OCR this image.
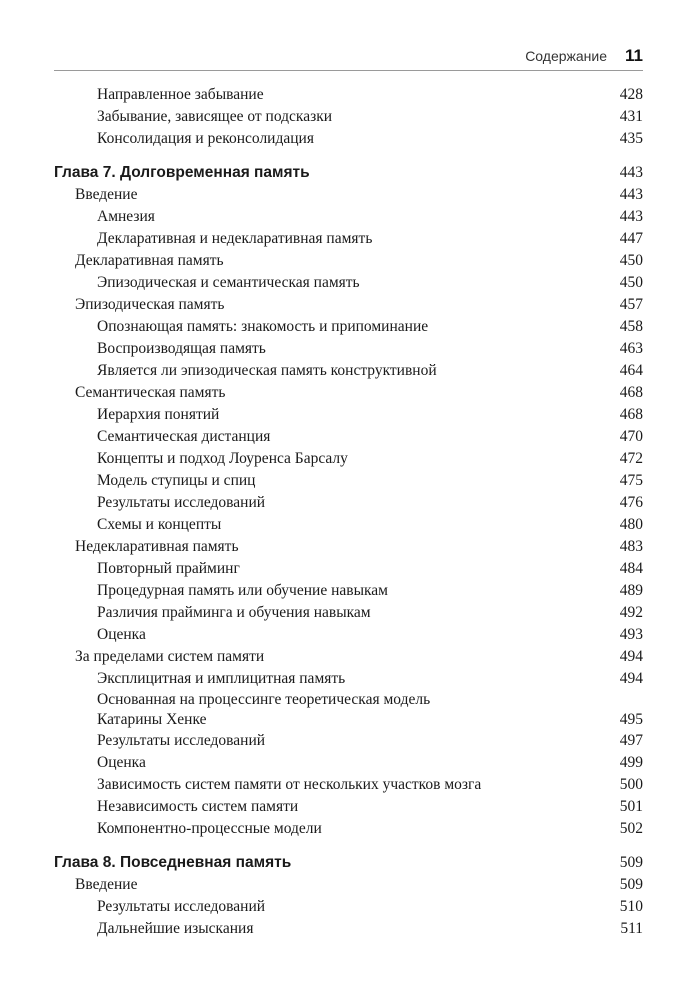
Содержание 11
Направленное забывание	428
Забывание, зависящее от подсказки	431
Консолидация и реконсолидация	435
Глава 7. Долговременная память	443
Введение	443
Амнезия	443
Декларативная и недекларативная память	447
Декларативная память	450
Эпизодическая и семантическая память	450
Эпизодическая память	457
Опознающая память: знакомость и припоминание	458
Воспроизводящая память	463
Является ли эпизодическая память конструктивной	464
Семантическая память	468
Иерархия понятий	468
Семантическая дистанция	470
Концепты и подход Лоуренса Барсалу	472
Модель ступицы и спиц	475
Результаты исследований	476
Схемы и концепты	480
Недекларативная память	483
Повторный прайминг	484
Процедурная память или обучение навыкам	489
Различия прайминга и обучения навыкам	492
Оценка	493
За пределами систем памяти	494
Эксплицитная и имплицитная память	494
Основанная на процессинге теоретическая модель
Катарины Хенке	495
Результаты исследований	497
Оценка	499
Зависимость систем памяти от нескольких участков мозга	500
Независимость систем памяти	501
Компонентно-процессные модели	502
Глава 8. Повседневная память	509
Введение	509
Результаты исследований	510
Дальнейшие изыскания	511
